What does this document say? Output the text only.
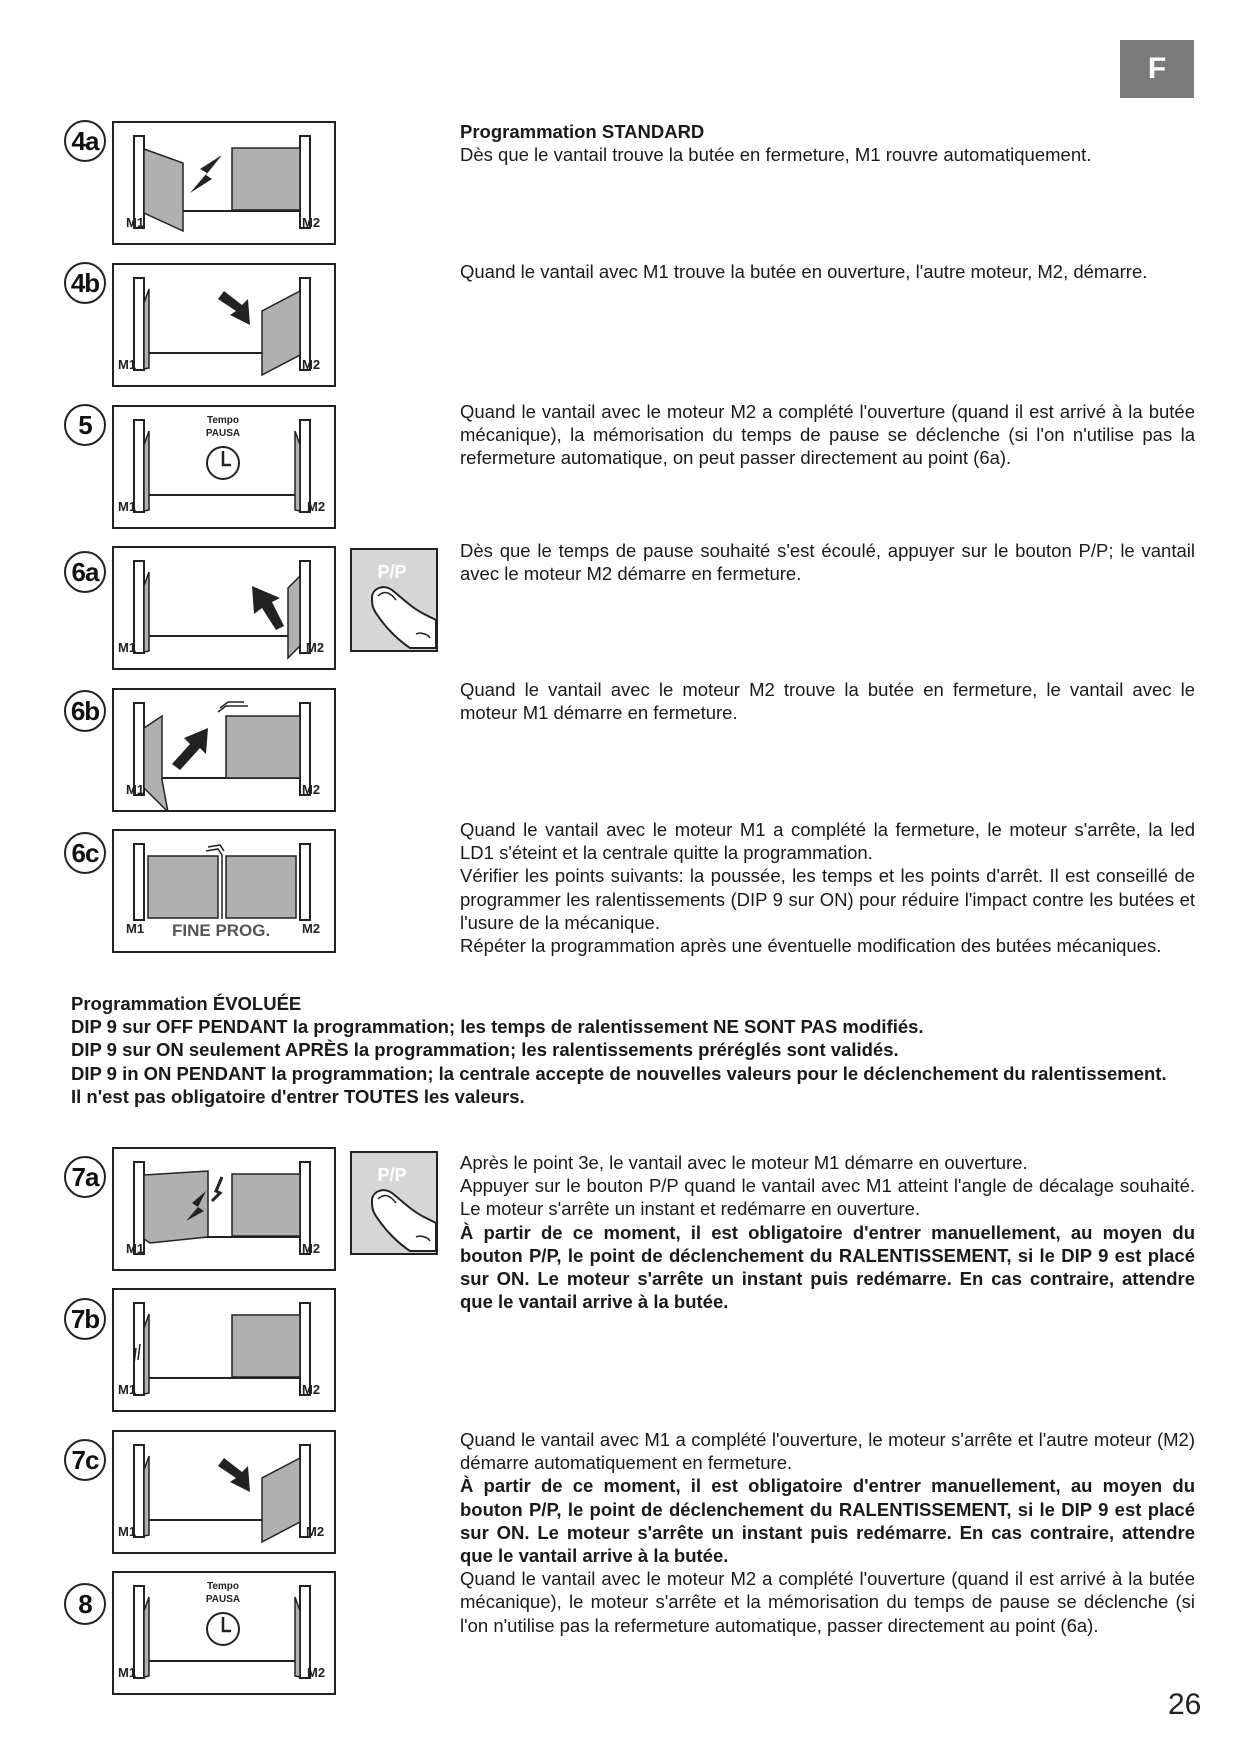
F
4a
4b
5
6a
6b
6c
7a
7b
7c
8
M1	M2
M1	M2
Tempo
PAUSA
M1	M2
M1	M2
P/P
M1	M2
M1 FINE PROG. M2
M1	M2
P/P
M1	M2
M1	M2
Tempo
PAUSA
M1	M2

Programmation STANDARD

Dès que le vantail trouve la butée en fermeture, M1 rouvre automatiquement.

Quand le vantail avec M1 trouve la butée en ouverture, l'autre moteur, M2, démarre.

Quand le vantail avec le moteur M2 a complété l'ouverture (quand il est arrivé à la butée mécanique), la mémorisation du temps de pause se déclenche (si l'on n'utilise pas la refermeture automatique, on peut passer directement au point (6a).

Dès que le temps de pause souhaité s'est écoulé, appuyer sur le bouton P/P; le vantail avec le moteur M2 démarre en fermeture.

Quand le vantail avec le moteur M2 trouve la butée en fermeture, le vantail avec le moteur M1 démarre en fermeture.

Quand le vantail avec le moteur M1 a complété la fermeture, le moteur s'arrête, la led LD1 s'éteint et la centrale quitte la programmation.

Vérifier les points suivants: la poussée, les temps et les points d'arrêt. Il est conseillé de programmer les ralentissements (DIP 9 sur ON) pour réduire l'impact contre les butées et l'usure de la mécanique.

Répéter la programmation après une éventuelle modification des butées mécaniques.

Programmation ÉVOLUÉE

DIP 9 sur OFF PENDANT la programmation; les temps de ralentissement NE SONT PAS modifiés.

DIP 9 sur ON seulement APRÈS la programmation; les ralentissements préréglés sont validés.

DIP 9 in ON PENDANT la programmation; la centrale accepte de nouvelles valeurs pour le déclenchement du ralentissement.

Il n'est pas obligatoire d'entrer TOUTES les valeurs.

Après le point 3e, le vantail avec le moteur M1 démarre en ouverture.

Appuyer sur le bouton P/P quand le vantail avec M1 atteint l'angle de décalage souhaité. Le moteur s'arrête un instant et redémarre en ouverture.

À partir de ce moment, il est obligatoire d'entrer manuellement, au moyen du bouton P/P, le point de déclenchement du RALENTISSEMENT, si le DIP 9 est placé sur ON. Le moteur s'arrête un instant puis redémarre. En cas contraire, attendre que le vantail arrive à la butée.

Quand le vantail avec M1 a complété l'ouverture, le moteur s'arrête et l'autre moteur (M2) démarre automatiquement en fermeture.

À partir de ce moment, il est obligatoire d'entrer manuellement, au moyen du bouton P/P, le point de déclenchement du RALENTISSEMENT, si le DIP 9 est placé sur ON. Le moteur s'arrête un instant puis redémarre. En cas contraire, attendre que le vantail arrive à la butée.

Quand le vantail avec le moteur M2 a complété l'ouverture (quand il est arrivé à la butée mécanique), le moteur s'arrête et la mémorisation du temps de pause se déclenche (si l'on n'utilise pas la refermeture automatique, passer directement au point (6a).

26
